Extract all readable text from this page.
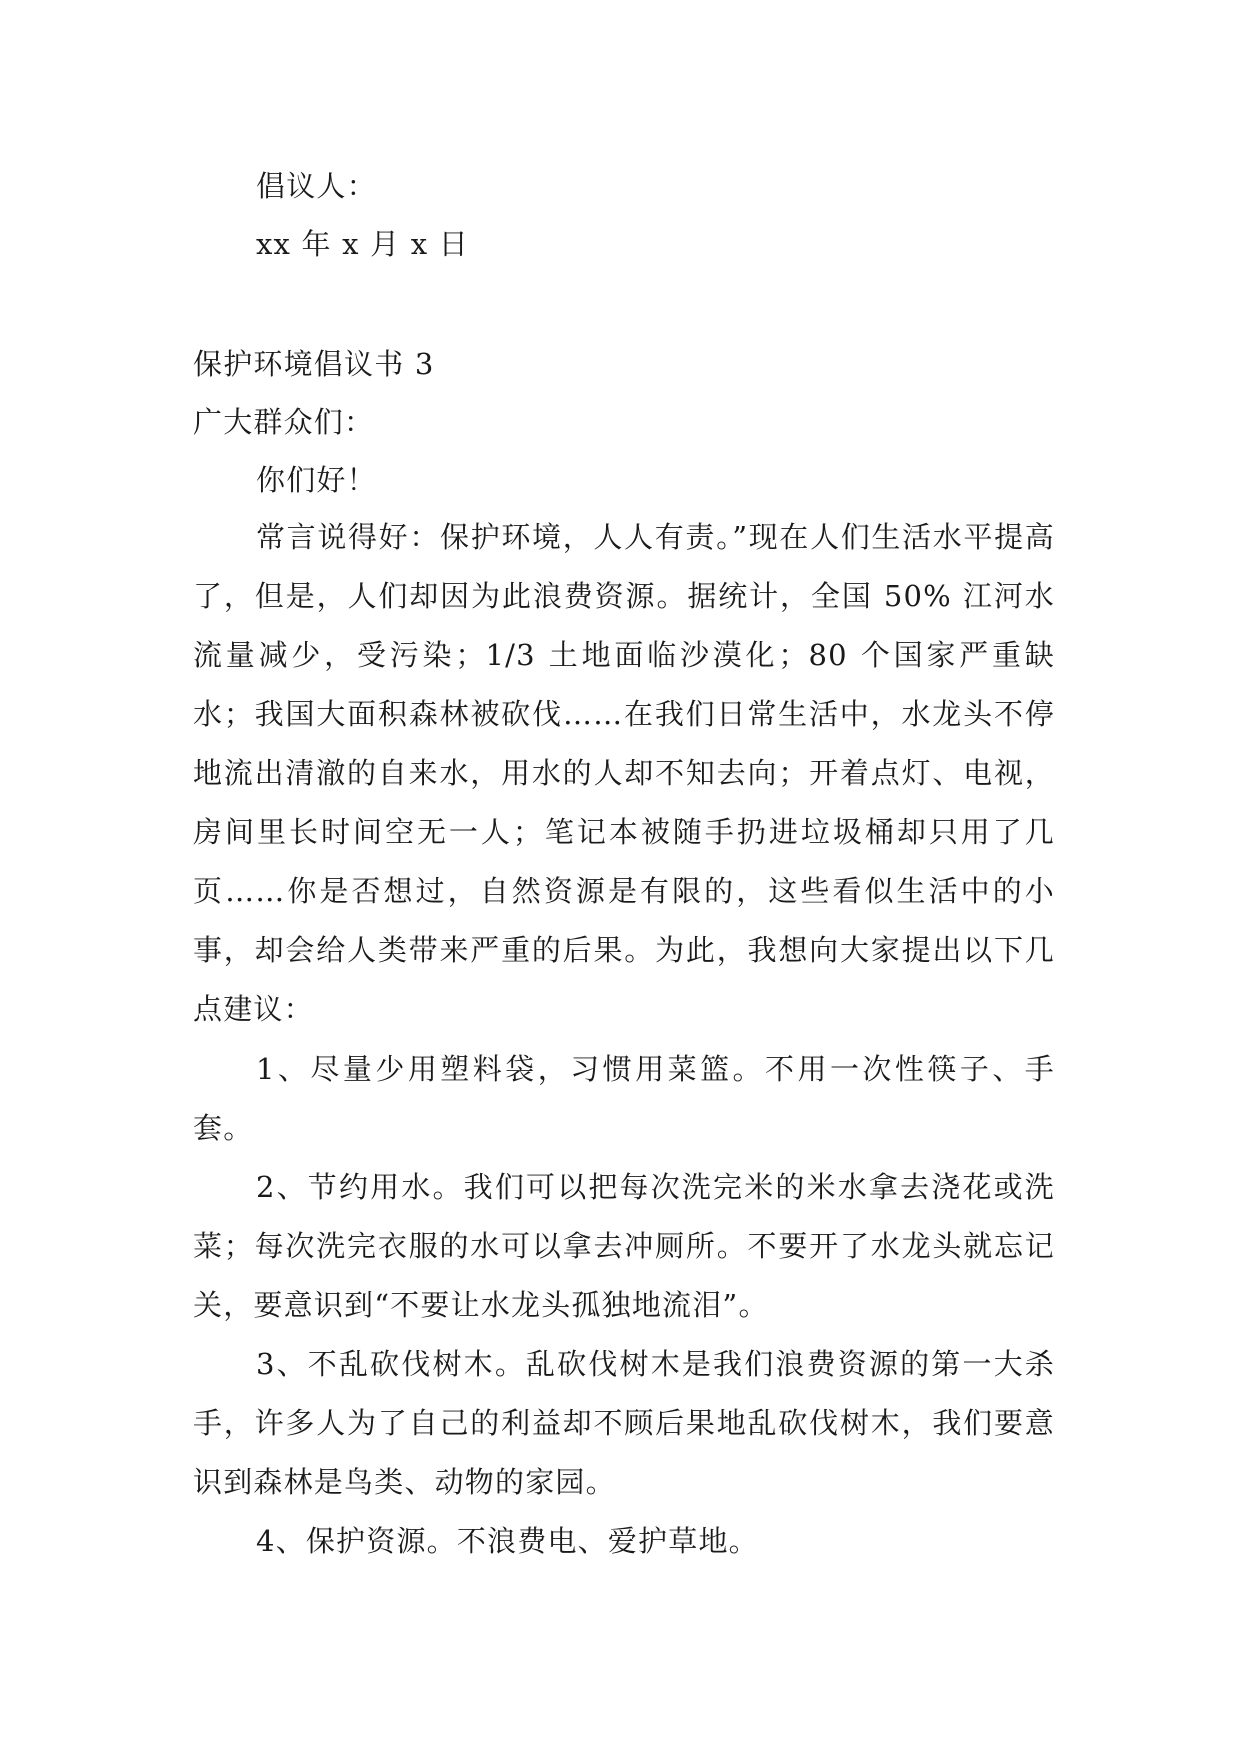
倡议人：
xx 年 x 月 x 日
保护环境倡议书 3
广大群众们：
你们好！

常言说得好：保护环境，人人有责。”现在人们生活水平提高了，但是，人们却因为此浪费资源。据统计，全国 50% 江河水流量减少，受污染；1/3 土地面临沙漠化；80 个国家严重缺水；我国大面积森林被砍伐……在我们日常生活中，水龙头不停地流出清澈的自来水，用水的人却不知去向；开着点灯、电视，房间里长时间空无一人；笔记本被随手扔进垃圾桶却只用了几页……你是否想过，自然资源是有限的，这些看似生活中的小事，却会给人类带来严重的后果。为此，我想向大家提出以下几点建议：

1、尽量少用塑料袋，习惯用菜篮。不用一次性筷子、手套。

2、节约用水。我们可以把每次洗完米的米水拿去浇花或洗菜；每次洗完衣服的水可以拿去冲厕所。不要开了水龙头就忘记关，要意识到“不要让水龙头孤独地流泪”。

3、不乱砍伐树木。乱砍伐树木是我们浪费资源的第一大杀手，许多人为了自己的利益却不顾后果地乱砍伐树木，我们要意识到森林是鸟类、动物的家园。

4、保护资源。不浪费电、爱护草地。
